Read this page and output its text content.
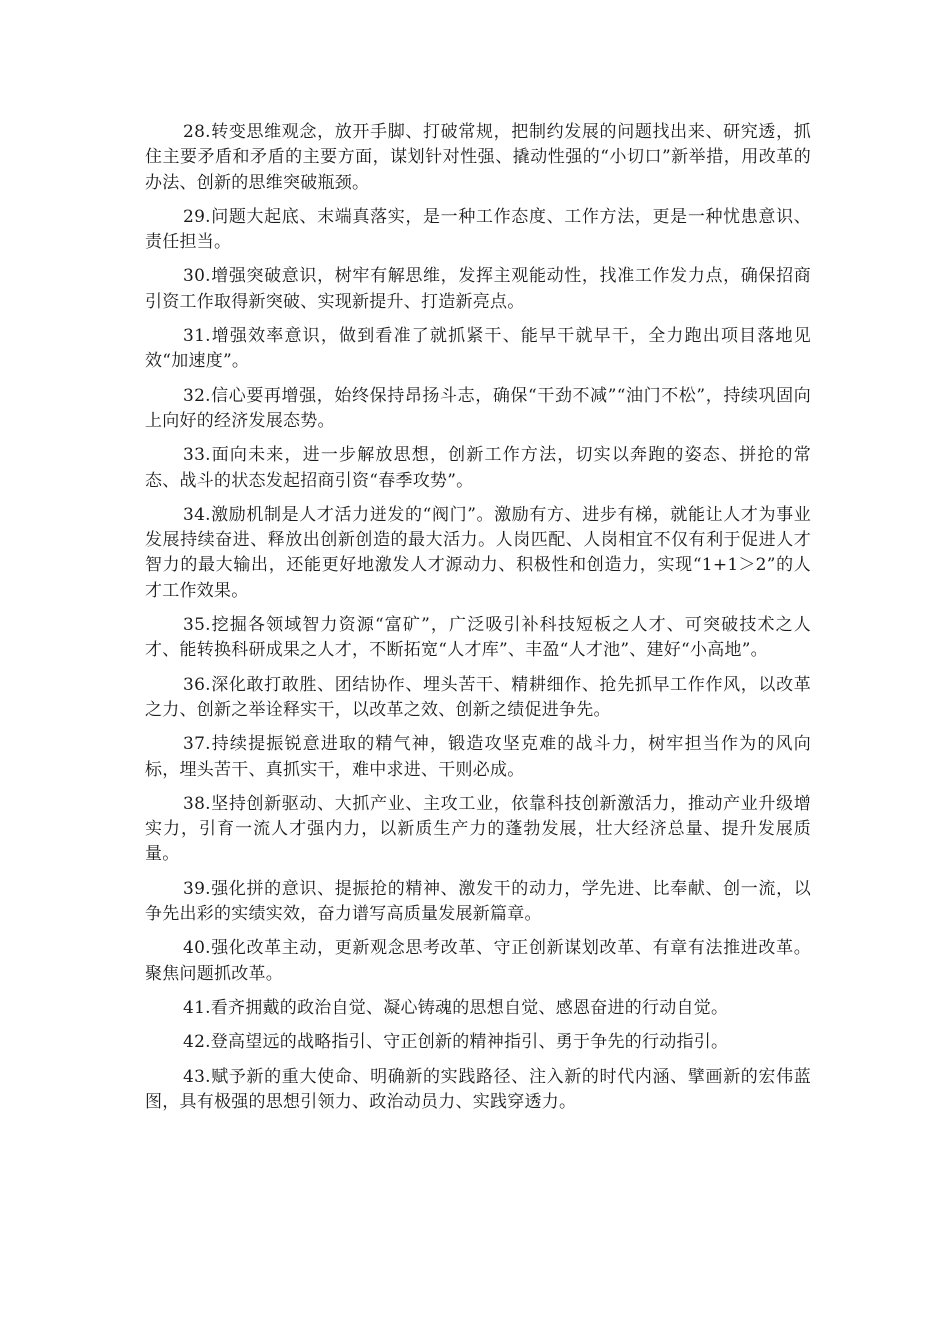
28.转变思维观念，放开手脚、打破常规，把制约发展的问题找出来、研究透，抓住主要矛盾和矛盾的主要方面，谋划针对性强、撬动性强的“小切口”新举措，用改革的办法、创新的思维突破瓶颈。

29.问题大起底、末端真落实，是一种工作态度、工作方法，更是一种忧患意识、责任担当。

30.增强突破意识，树牢有解思维，发挥主观能动性，找准工作发力点，确保招商引资工作取得新突破、实现新提升、打造新亮点。

31.增强效率意识，做到看准了就抓紧干、能早干就早干，全力跑出项目落地见效“加速度”。

32.信心要再增强，始终保持昂扬斗志，确保“干劲不减”“油门不松”，持续巩固向上向好的经济发展态势。

33.面向未来，进一步解放思想，创新工作方法，切实以奔跑的姿态、拼抢的常态、战斗的状态发起招商引资“春季攻势”。

34.激励机制是人才活力迸发的“阀门”。激励有方、进步有梯，就能让人才为事业发展持续奋进、释放出创新创造的最大活力。人岗匹配、人岗相宜不仅有利于促进人才智力的最大输出，还能更好地激发人才源动力、积极性和创造力，实现“1+1＞2”的人才工作效果。

35.挖掘各领域智力资源“富矿”，广泛吸引补科技短板之人才、可突破技术之人才、能转换科研成果之人才，不断拓宽“人才库”、丰盈“人才池”、建好“小高地”。

36.深化敢打敢胜、团结协作、埋头苦干、精耕细作、抢先抓早工作作风，以改革之力、创新之举诠释实干，以改革之效、创新之绩促进争先。

37.持续提振锐意进取的精气神，锻造攻坚克难的战斗力，树牢担当作为的风向标，埋头苦干、真抓实干，难中求进、干则必成。

38.坚持创新驱动、大抓产业、主攻工业，依靠科技创新激活力，推动产业升级增实力，引育一流人才强内力，以新质生产力的蓬勃发展，壮大经济总量、提升发展质量。

39.强化拼的意识、提振抢的精神、激发干的动力，学先进、比奉献、创一流，以争先出彩的实绩实效，奋力谱写高质量发展新篇章。

40.强化改革主动，更新观念思考改革、守正创新谋划改革、有章有法推进改革。聚焦问题抓改革。

41.看齐拥戴的政治自觉、凝心铸魂的思想自觉、感恩奋进的行动自觉。

42.登高望远的战略指引、守正创新的精神指引、勇于争先的行动指引。

43.赋予新的重大使命、明确新的实践路径、注入新的时代内涵、擘画新的宏伟蓝图，具有极强的思想引领力、政治动员力、实践穿透力。
